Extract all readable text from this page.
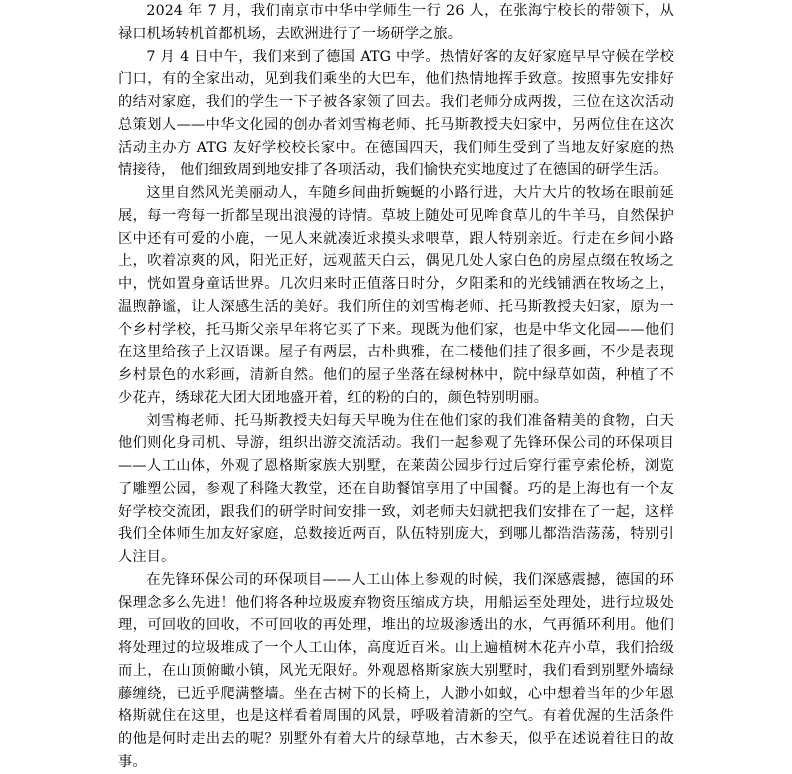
2024 年 7 月，我们南京市中华中学师生一行 26 人，在张海宁校长的带领下，从禄口机场转机首都机场，去欧洲进行了一场研学之旅。

7 月 4 日中午，我们来到了德国 ATG 中学。热情好客的友好家庭早早守候在学校门口，有的全家出动，见到我们乘坐的大巴车，他们热情地挥手致意。按照事先安排好的结对家庭，我们的学生一下子被各家领了回去。我们老师分成两拨，三位在这次活动总策划人——中华文化园的创办者刘雪梅老师、托马斯教授夫妇家中，另两位住在这次活动主办方 ATG 友好学校校长家中。在德国四天，我们师生受到了当地友好家庭的热情接待， 他们细致周到地安排了各项活动，我们愉快充实地度过了在德国的研学生活。

这里自然风光美丽动人，车随乡间曲折蜿蜒的小路行进，大片大片的牧场在眼前延展，每一弯每一折都呈现出浪漫的诗情。草坡上随处可见哞食草儿的牛羊马，自然保护区中还有可爱的小鹿，一见人来就凑近求摸头求喂草，跟人特别亲近。行走在乡间小路上，吹着凉爽的风，阳光正好，远观蓝天白云，偶见几处人家白色的房屋点缀在牧场之中，恍如置身童话世界。几次归来时正值落日时分，夕阳柔和的光线铺洒在牧场之上，温煦静谧，让人深感生活的美好。我们所住的刘雪梅老师、托马斯教授夫妇家，原为一个乡村学校，托马斯父亲早年将它买了下来。现既为他们家，也是中华文化园——他们在这里给孩子上汉语课。屋子有两层，古朴典雅，在二楼他们挂了很多画，不少是表现乡村景色的水彩画，清新自然。他们的屋子坐落在绿树林中，院中绿草如茵，种植了不少花卉，绣球花大团大团地盛开着，红的粉的白的，颜色特别明丽。

刘雪梅老师、托马斯教授夫妇每天早晚为住在他们家的我们准备精美的食物，白天他们则化身司机、导游，组织出游交流活动。我们一起参观了先锋环保公司的环保项目——人工山体，外观了恩格斯家族大别墅，在莱茵公园步行过后穿行霍亨索伦桥，浏览了雕塑公园，参观了科隆大教堂，还在自助餐馆享用了中国餐。巧的是上海也有一个友好学校交流团，跟我们的研学时间安排一致，刘老师夫妇就把我们安排在了一起，这样我们全体师生加友好家庭，总数接近两百，队伍特别庞大，到哪儿都浩浩荡荡，特别引人注目。

在先锋环保公司的环保项目——人工山体上参观的时候，我们深感震撼，德国的环保理念多么先进！他们将各种垃圾废弃物资压缩成方块，用船运至处理处，进行垃圾处理，可回收的回收，不可回收的再处理，堆出的垃圾渗透出的水，气再循环利用。他们将处理过的垃圾堆成了一个人工山体，高度近百米。山上遍植树木花卉小草，我们拾级而上，在山顶俯瞰小镇，风光无限好。外观恩格斯家族大别墅时，我们看到别墅外墙绿藤缠绕，已近乎爬满整墙。坐在古树下的长椅上，人渺小如蚁，心中想着当年的少年恩格斯就住在这里，也是这样看着周围的风景，呼吸着清新的空气。有着优渥的生活条件的他是何时走出去的呢？别墅外有着大片的绿草地，古木参天，似乎在述说着往日的故事。
